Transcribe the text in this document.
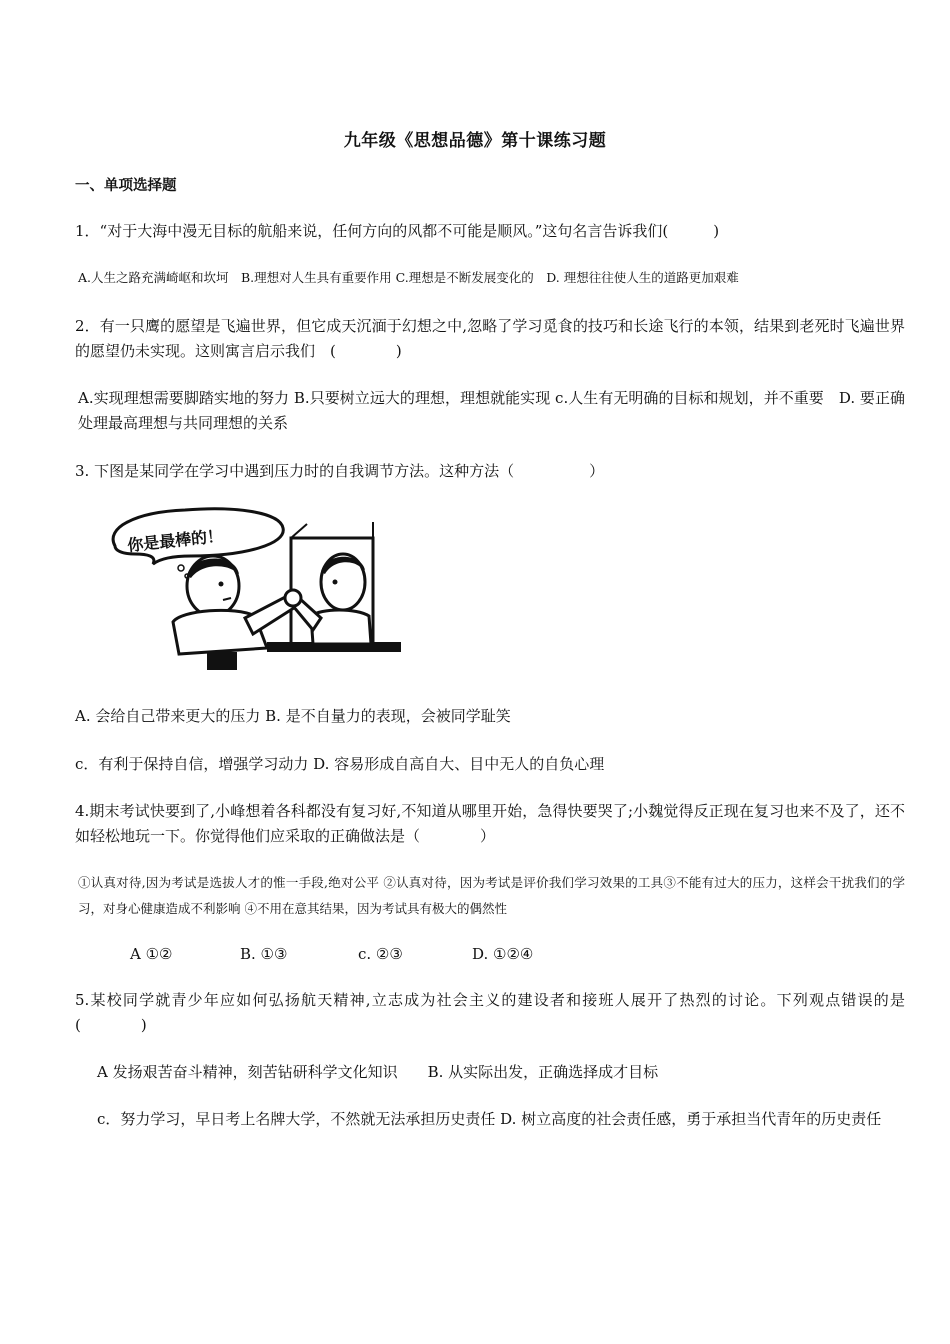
九年级《思想品德》第十课练习题
一、单项选择题
1．“对于大海中漫无目标的航船来说，任何方向的风都不可能是顺风。”这句名言告诉我们(　　　)
A.人生之路充满崎岖和坎坷　B.理想对人生具有重要作用 C.理想是不断发展变化的　D. 理想往往使人生的道路更加艰难
2．有一只鹰的愿望是飞遍世界，但它成天沉湎于幻想之中,忽略了学习觅食的技巧和长途飞行的本领，结果到老死时飞遍世界的愿望仍未实现。这则寓言启示我们　(　　　　)
A.实现理想需要脚踏实地的努力 B.只要树立远大的理想，理想就能实现 c.人生有无明确的目标和规划，并不重要　D. 要正确处理最高理想与共同理想的关系
3. 下图是某同学在学习中遇到压力时的自我调节方法。这种方法（　　　　　）
你是最棒的！
A. 会给自己带来更大的压力 B. 是不自量力的表现，会被同学耻笑
c．有利于保持自信，增强学习动力 D. 容易形成自高自大、目中无人的自负心理
4.期末考试快要到了,小峰想着各科都没有复习好,不知道从哪里开始，急得快要哭了;小魏觉得反正现在复习也来不及了，还不如轻松地玩一下。你觉得他们应采取的正确做法是（　　　　）
①认真对待,因为考试是选拔人才的惟一手段,绝对公平 ②认真对待，因为考试是评价我们学习效果的工具③不能有过大的压力，这样会干扰我们的学习，对身心健康造成不利影响 ④不用在意其结果，因为考试具有极大的偶然性
A ①②	B. ①③	c. ②③	D. ①②④
5.某校同学就青少年应如何弘扬航天精神,立志成为社会主义的建设者和接班人展开了热烈的讨论。下列观点错误的是(　　　　)
A 发扬艰苦奋斗精神，刻苦钻研科学文化知识　　B. 从实际出发，正确选择成才目标
c．努力学习，早日考上名牌大学，不然就无法承担历史责任 D. 树立高度的社会责任感，勇于承担当代青年的历史责任
